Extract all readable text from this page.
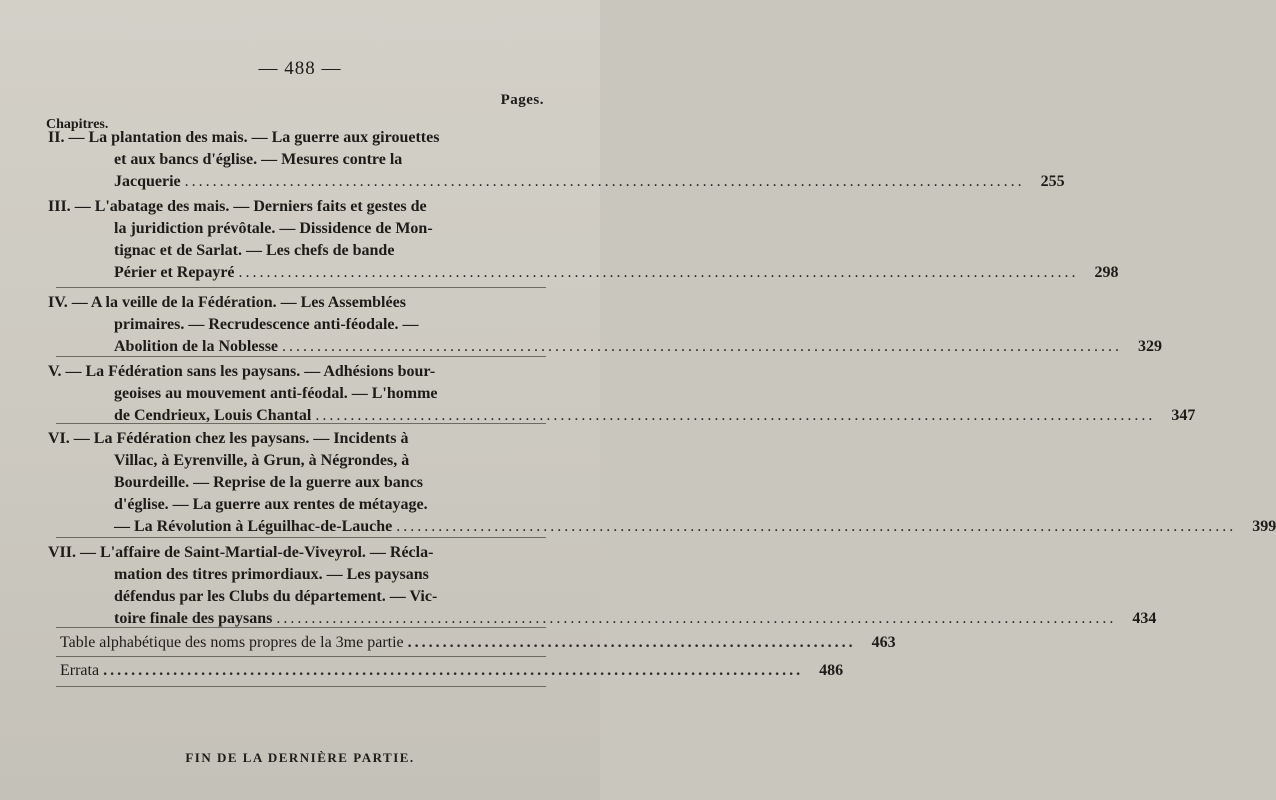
— 488 —
Pages.
Chapitres.
II. — La plantation des mais. — La guerre aux girouettes
et aux bancs d'église. — Mesures contre la
Jacquerie ........................................................................................................................	255
III. — L'abatage des mais. — Derniers faits et gestes de
la juridiction prévôtale. — Dissidence de Mon-
tignac et de Sarlat. — Les chefs de bande
Périer et Repayré ........................................................................................................................	298
IV. — A la veille de la Fédération. — Les Assemblées
primaires. — Recrudescence anti-féodale. —
Abolition de la Noblesse ........................................................................................................................	329
V. — La Fédération sans les paysans. — Adhésions bour-
geoises au mouvement anti-féodal. — L'homme
de Cendrieux, Louis Chantal ........................................................................................................................	347
VI. — La Fédération chez les paysans. — Incidents à
Villac, à Eyrenville, à Grun, à Négrondes, à
Bourdeille. — Reprise de la guerre aux bancs
d'église. — La guerre aux rentes de métayage.
— La Révolution à Léguilhac-de-Lauche ........................................................................................................................	399
VII. — L'affaire de Saint-Martial-de-Viveyrol. — Récla-
mation des titres primordiaux. — Les paysans
défendus par les Clubs du département. — Vic-
toire finale des paysans ........................................................................................................................	434
Table alphabétique des noms propres de la 3me partie ................................................................	463
Errata ....................................................................................................	486
FIN DE LA DERNIÈRE PARTIE.
